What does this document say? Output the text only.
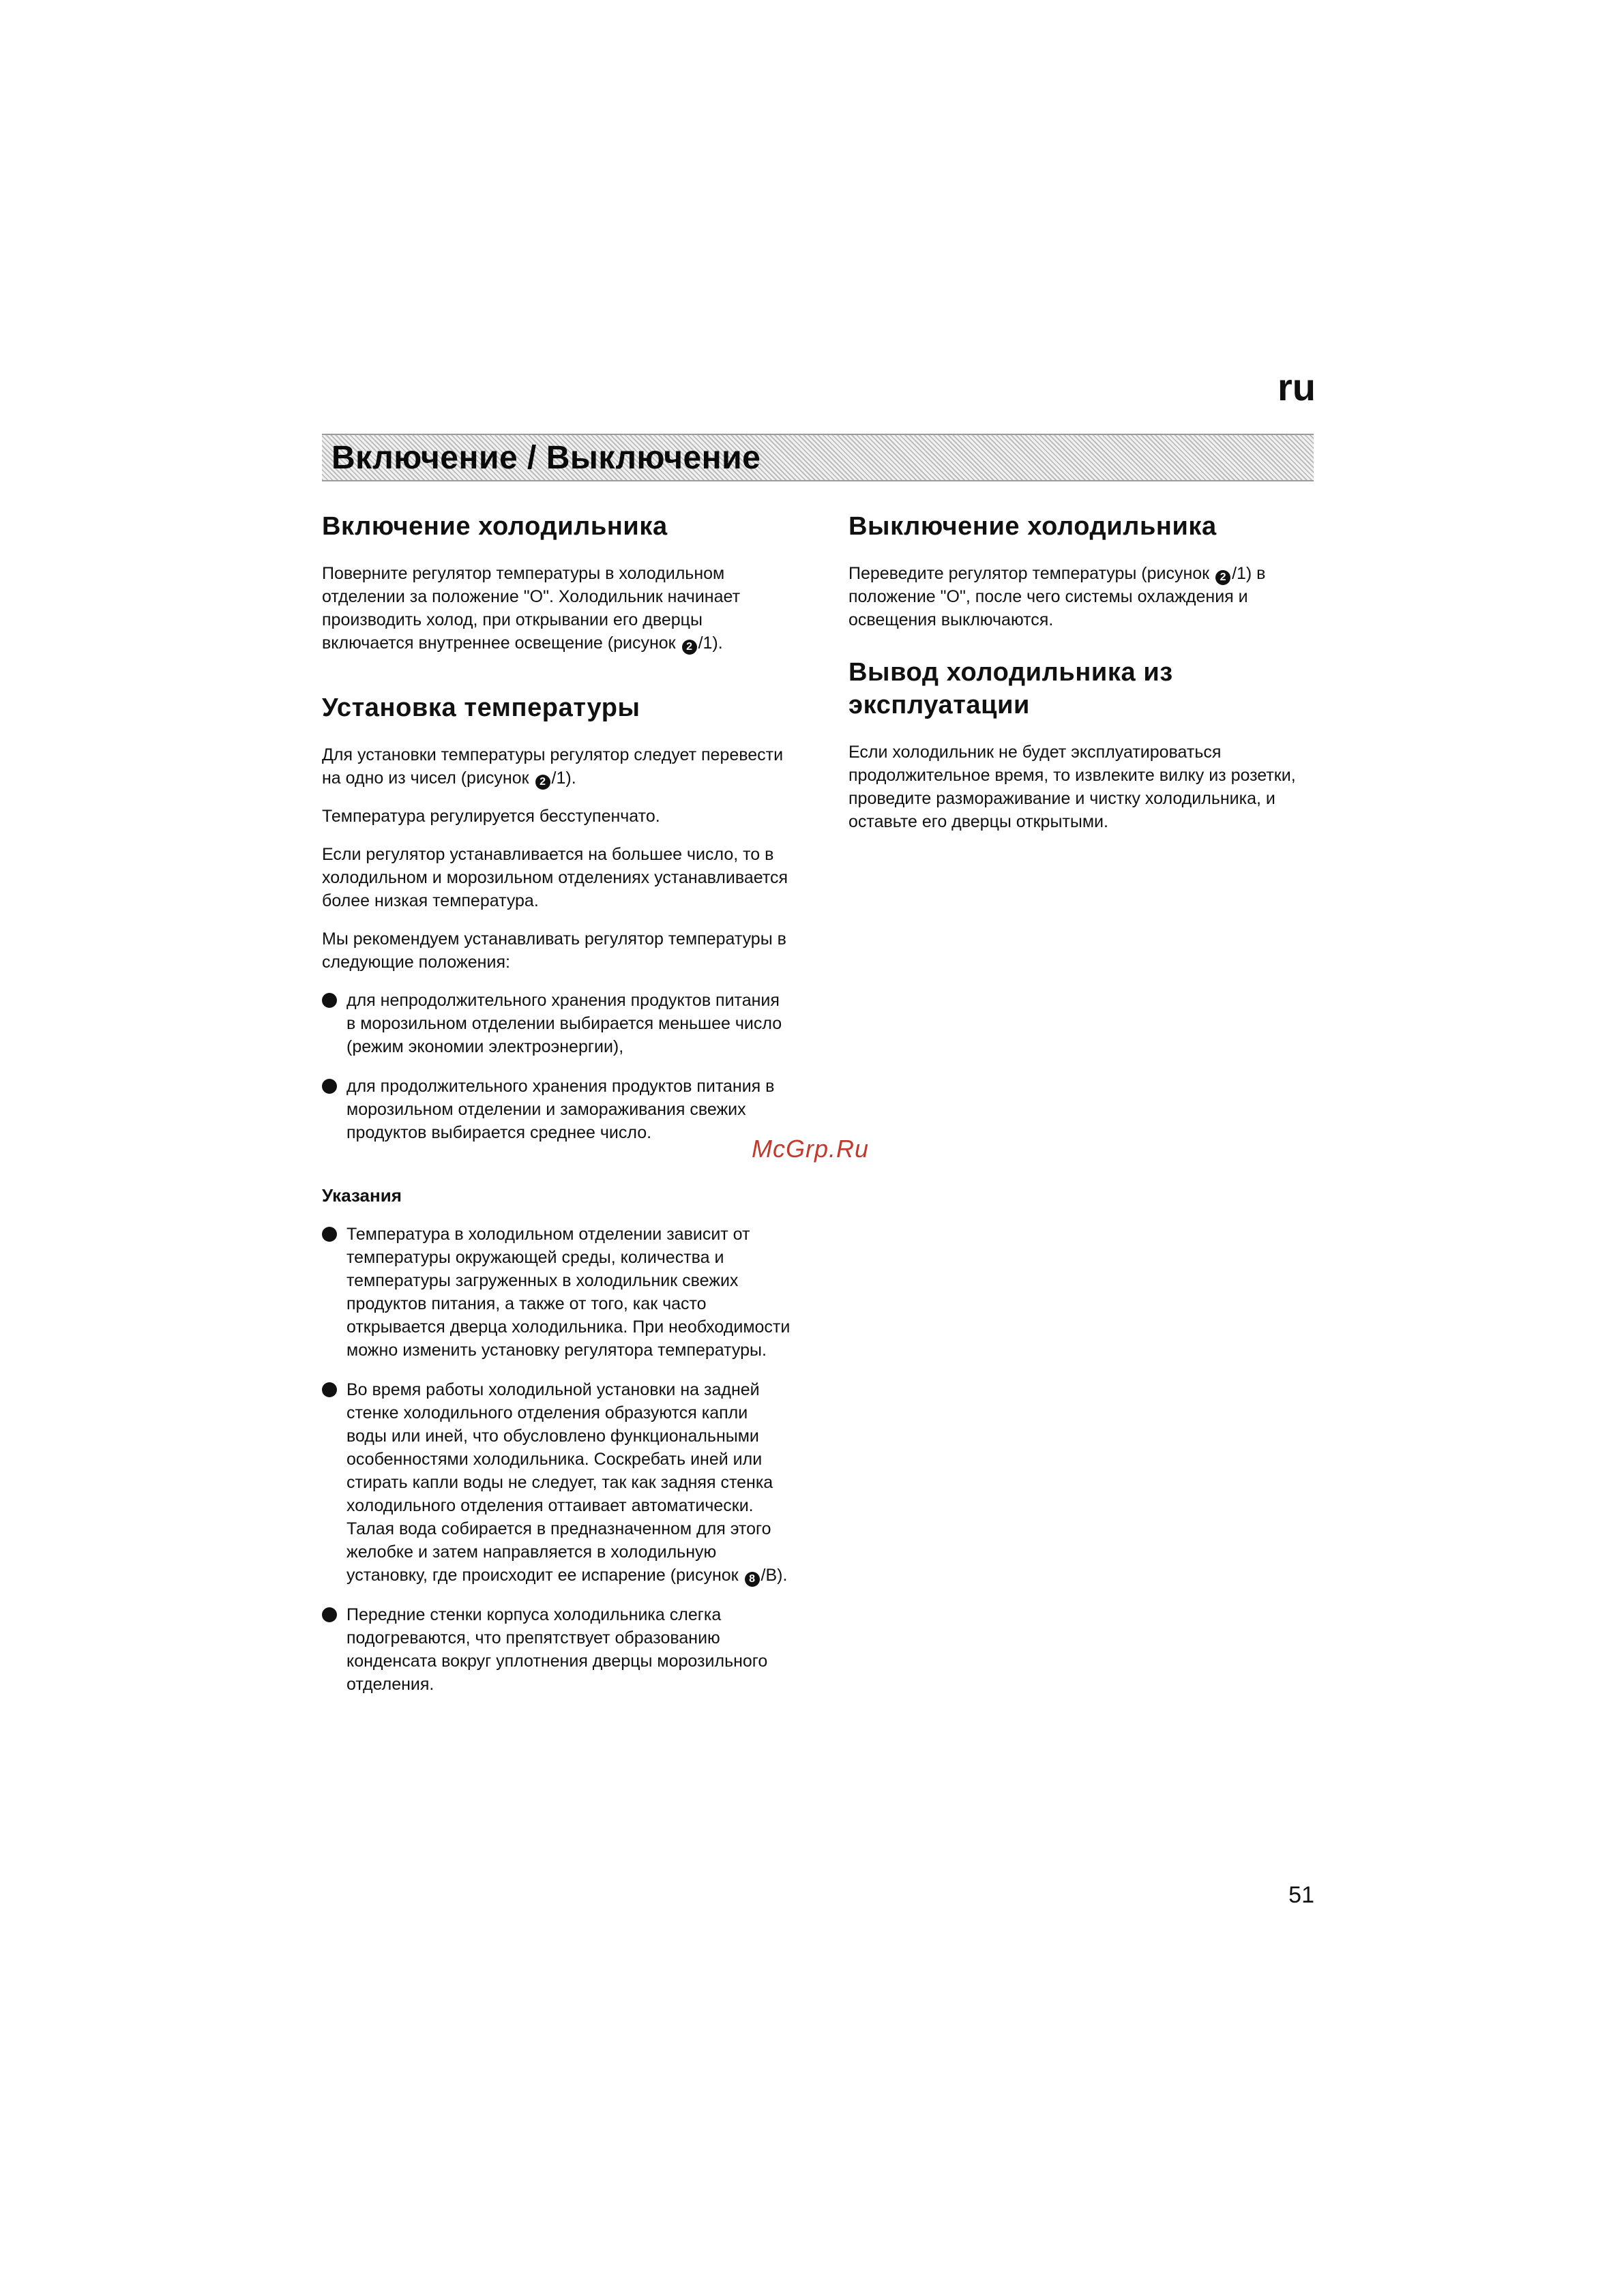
ru
Включение / Выключение
Включение холодильника

Поверните регулятор температуры в холодильном отделении за положение "О". Холодильник начинает производить холод, при открывании его дверцы включается внутреннее освещение (рисунок 2 /1).

Установка температуры

Для установки температуры регулятор следует перевести на одно из чисел (рисунок 2 /1).

Температура регулируется бесступенчато.

Если регулятор устанавливается на большее число, то в холодильном и морозильном отделениях устанавливается более низкая температура.

Мы рекомендуем устанавливать регулятор температуры в следующие положения:

для непродолжительного хранения продуктов питания в морозильном отделении выбирается меньшее число (режим экономии электроэнергии),
для продолжительного хранения продуктов питания в морозильном отделении и замораживания свежих продуктов выбирается среднее число.
Указания
Температура в холодильном отделении зависит от температуры окружающей среды, количества и температуры загруженных в холодильник свежих продуктов питания, а также от того, как часто открывается дверца холодильника. При необходимости можно изменить установку регулятора температуры.
Во время работы холодильной установки на задней стенке холодильного отделения образуются капли воды или иней, что обусловлено функциональными особенностями холодильника. Соскребать иней или стирать капли воды не следует, так как задняя стенка холодильного отделения оттаивает автоматически. Талая вода собирается в предназначенном для этого желобке и затем направляется в холодильную установку, где происходит ее испарение (рисунок 8 /B).
Передние стенки корпуса холодильника слегка подогреваются, что препятствует образованию конденсата вокруг уплотнения дверцы морозильного отделения.
Выключение холодильника

Переведите регулятор температуры (рисунок 2 /1) в положение "О", после чего системы охлаждения и освещения выключаются.

Вывод холодильника из эксплуатации

Если холодильник не будет эксплуатироваться продолжительное время, то извлеките вилку из розетки, проведите размораживание и чистку холодильника, и оставьте его дверцы открытыми.

McGrp.Ru
51
